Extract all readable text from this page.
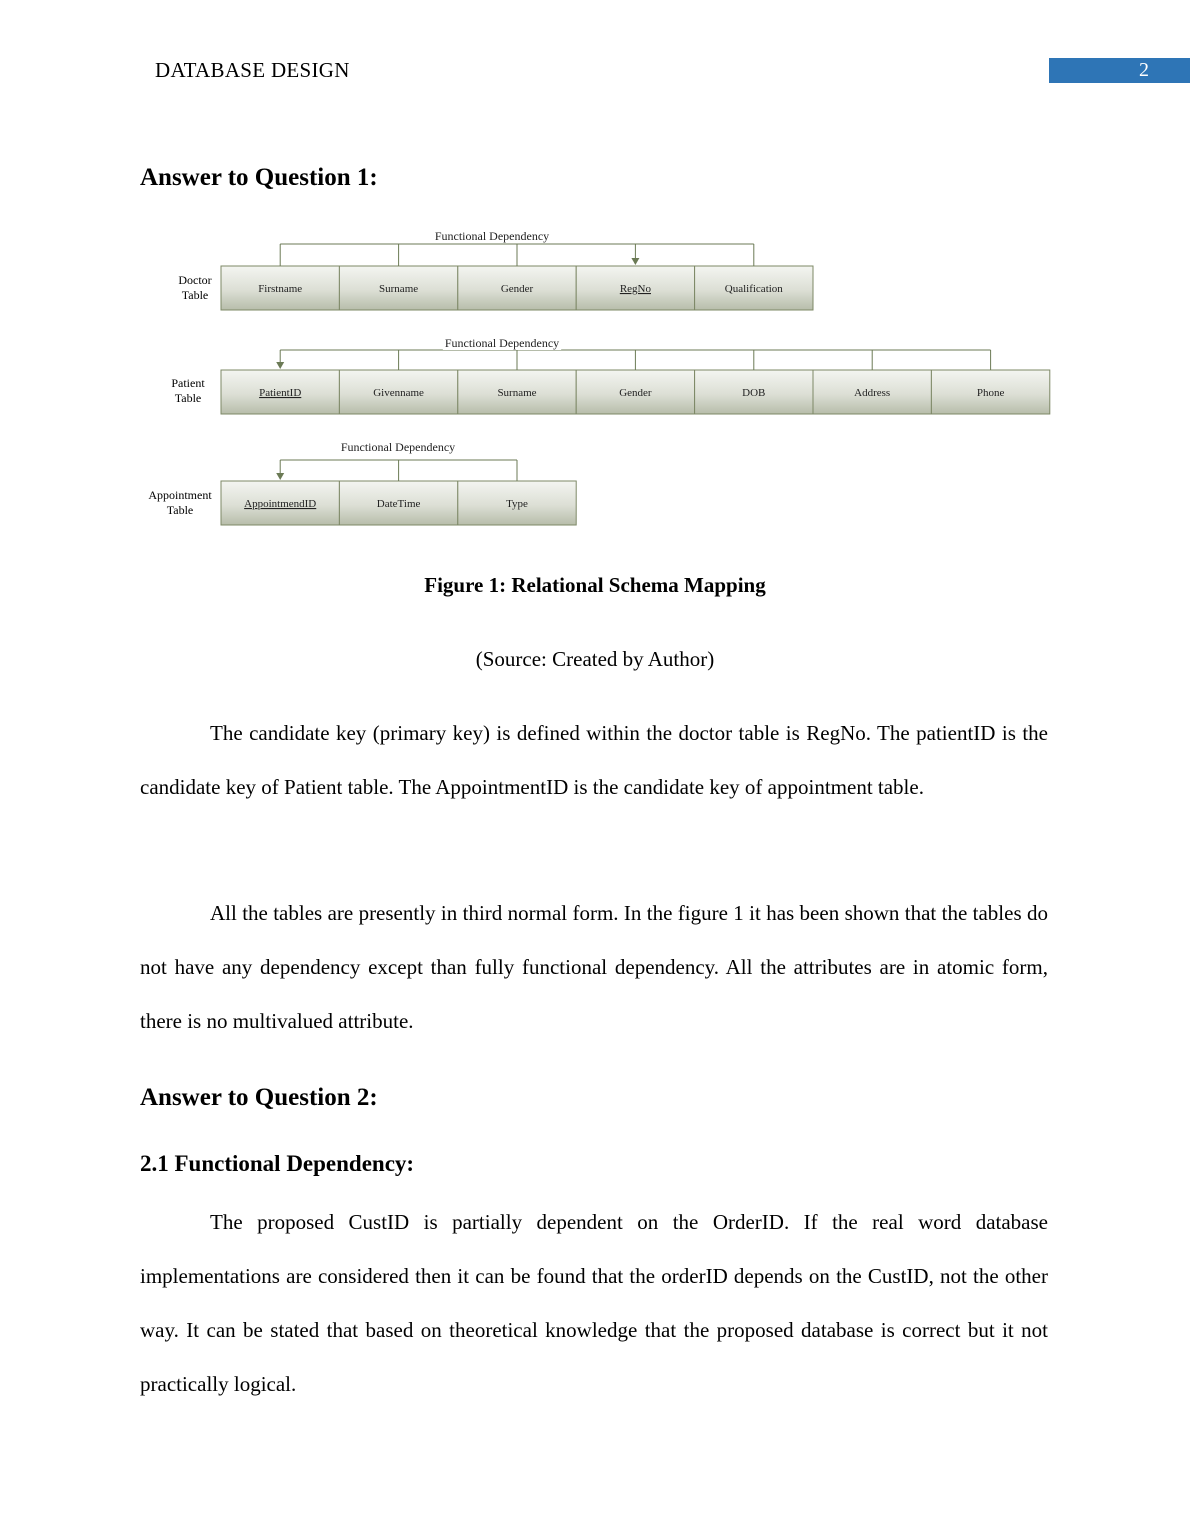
DATABASE DESIGN	2
Answer to Question 1:
Doctor
Table	Firstname	Surname	Gender	RegNo	Qualification
Functional Dependency
Patient
Table	PatientID	Givenname	Surname	Gender	DOB	Address	Phone
Functional Dependency
Appointment
Table	AppointmendID	DateTime	Type
Functional Dependency
Figure 1: Relational Schema Mapping
(Source: Created by Author)

The candidate key (primary key) is defined within the doctor table is RegNo. The patientID is the candidate key of Patient table. The AppointmentID is the candidate key of appointment table.

All the tables are presently in third normal form. In the figure 1 it has been shown that the tables do not have any dependency except than fully functional dependency. All the attributes are in atomic form, there is no multivalued attribute.

Answer to Question 2:
2.1 Functional Dependency:

The proposed CustID is partially dependent on the OrderID. If the real word database implementations are considered then it can be found that the orderID depends on the CustID, not the other way. It can be stated that based on theoretical knowledge that the proposed database is correct but it not practically logical.
